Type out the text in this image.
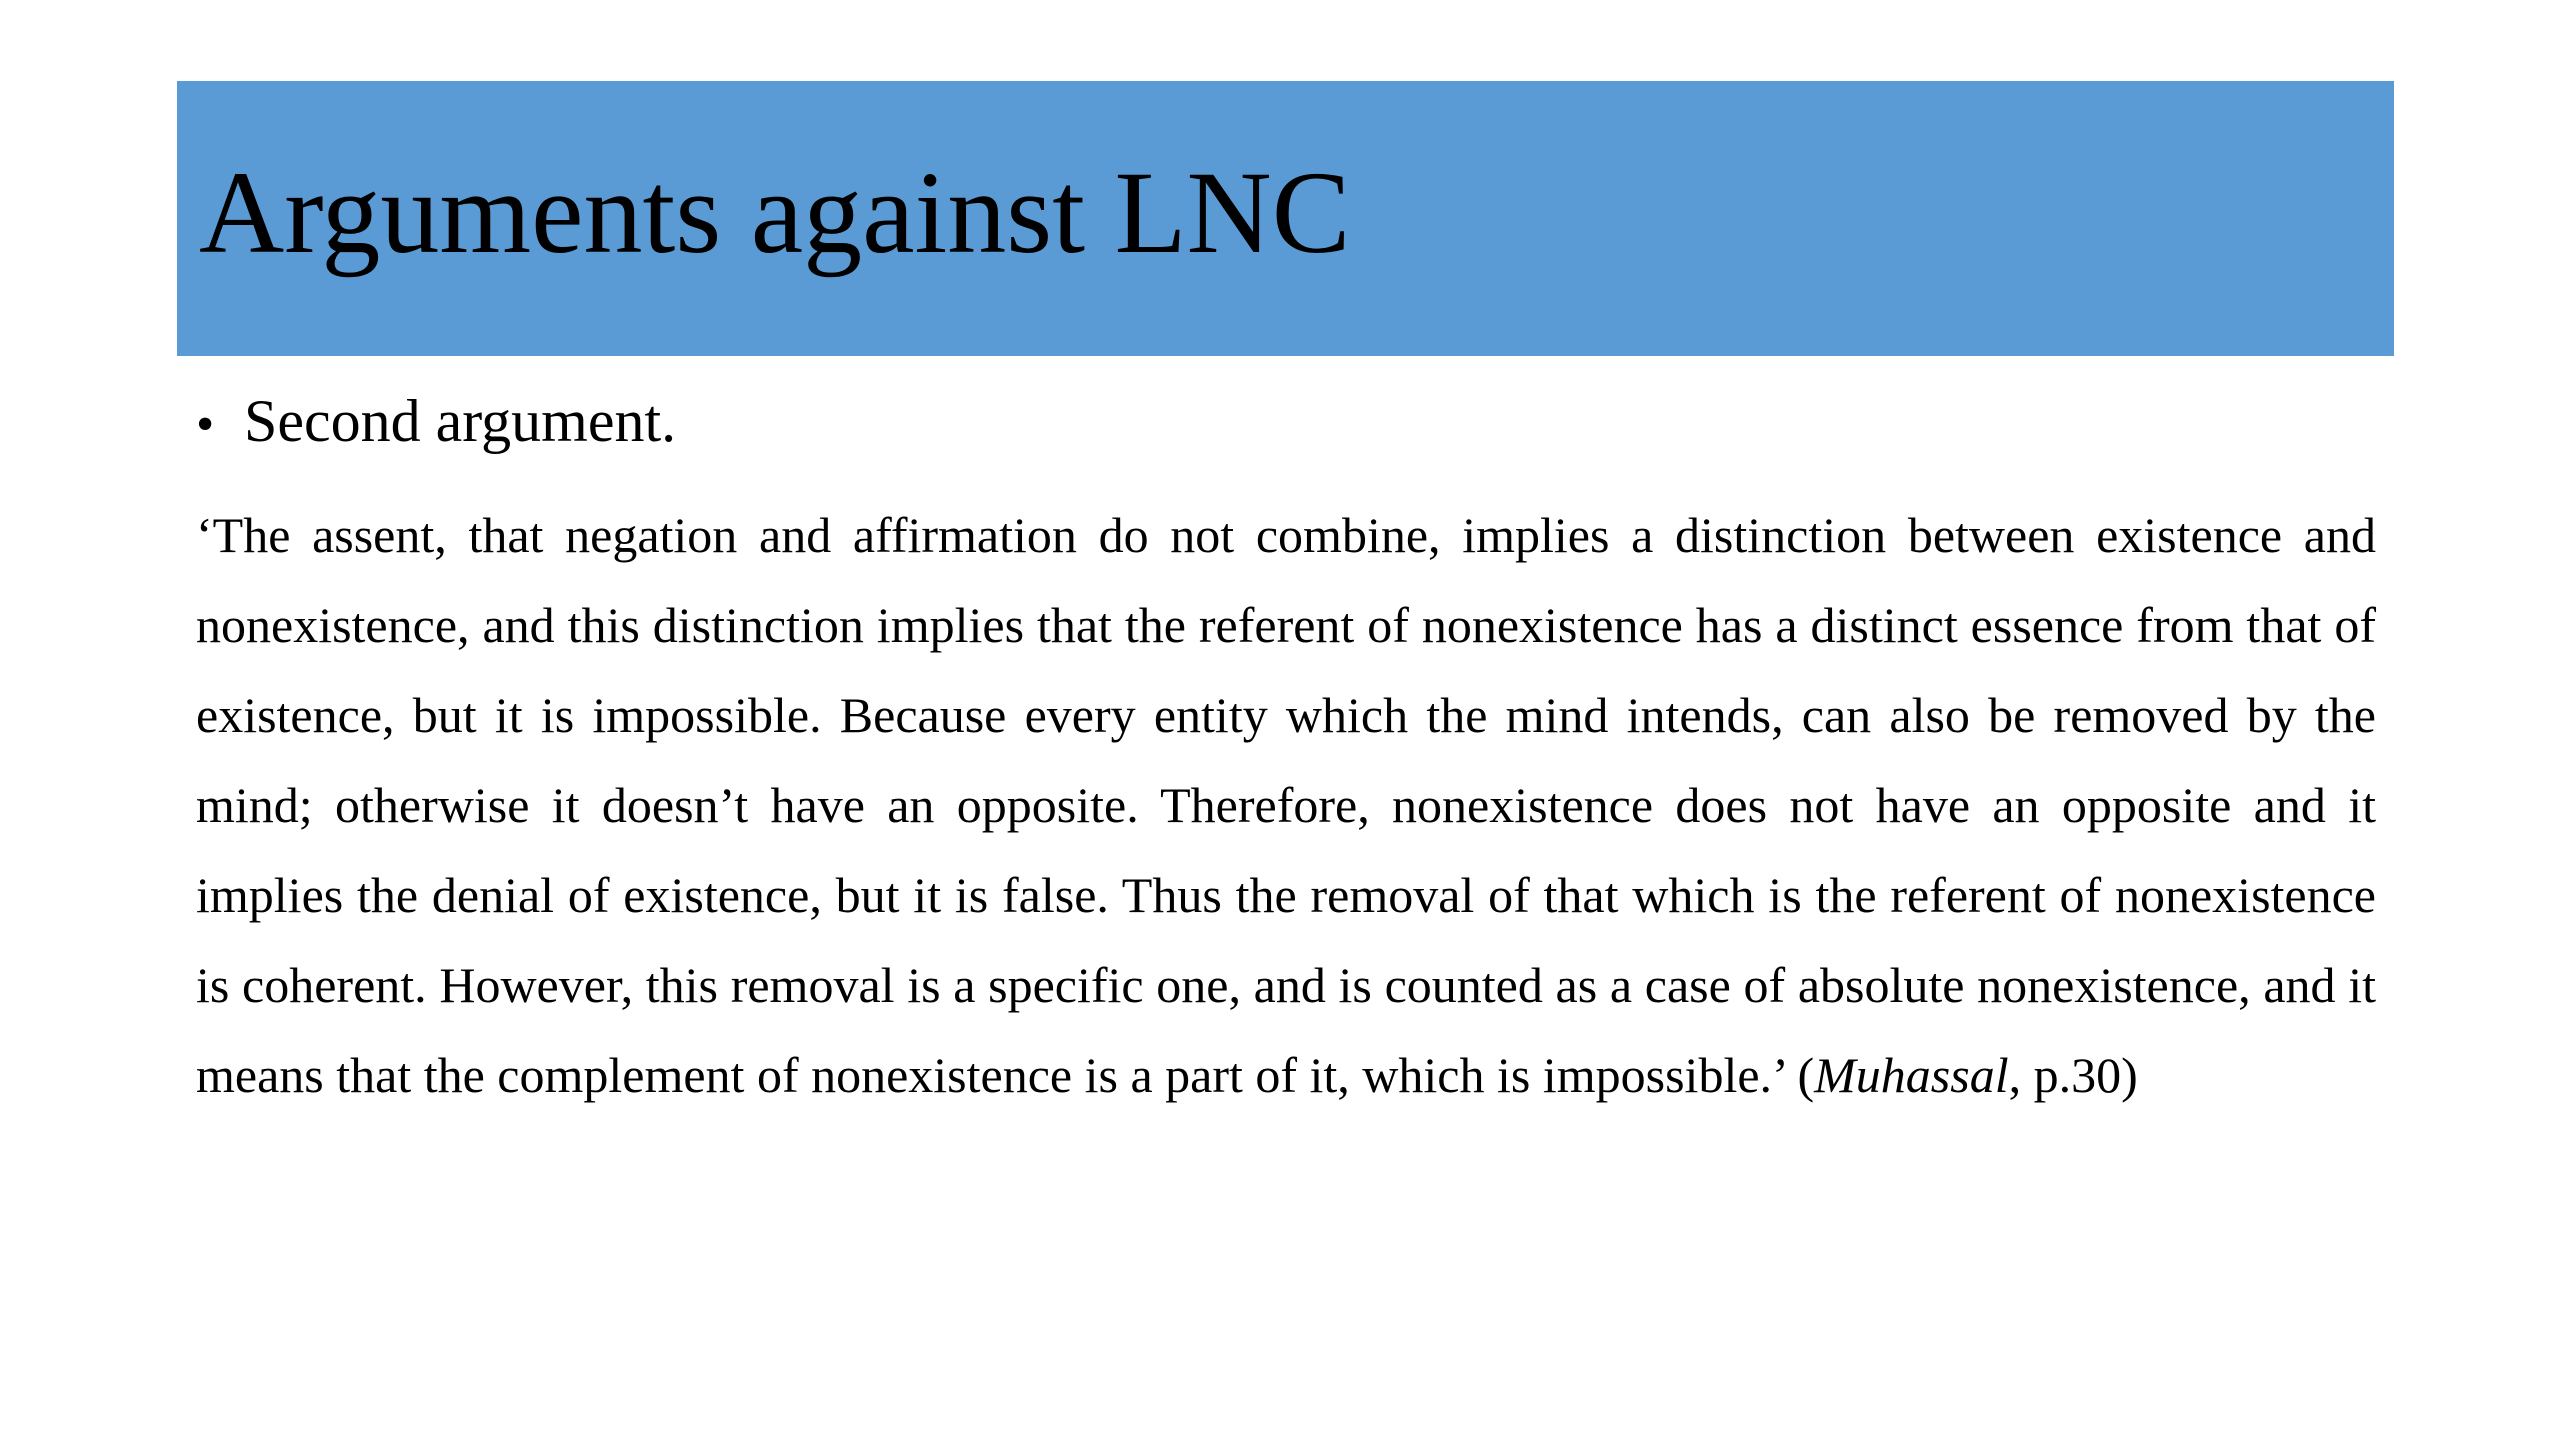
Arguments against LNC
• Second argument.

‘The assent, that negation and affirmation do not combine, implies a distinction between existence and nonexistence, and this distinction implies that the referent of nonexistence has a distinct essence from that of existence, but it is impossible. Because every entity which the mind intends, can also be removed by the mind; otherwise it doesn’t have an opposite. Therefore, nonexistence does not have an opposite and it implies the denial of existence, but it is false. Thus the removal of that which is the referent of nonexistence is coherent. However, this removal is a specific one, and is counted as a case of absolute nonexistence, and it means that the complement of nonexistence is a part of it, which is impossible.’ (Muhassal, p.30)
